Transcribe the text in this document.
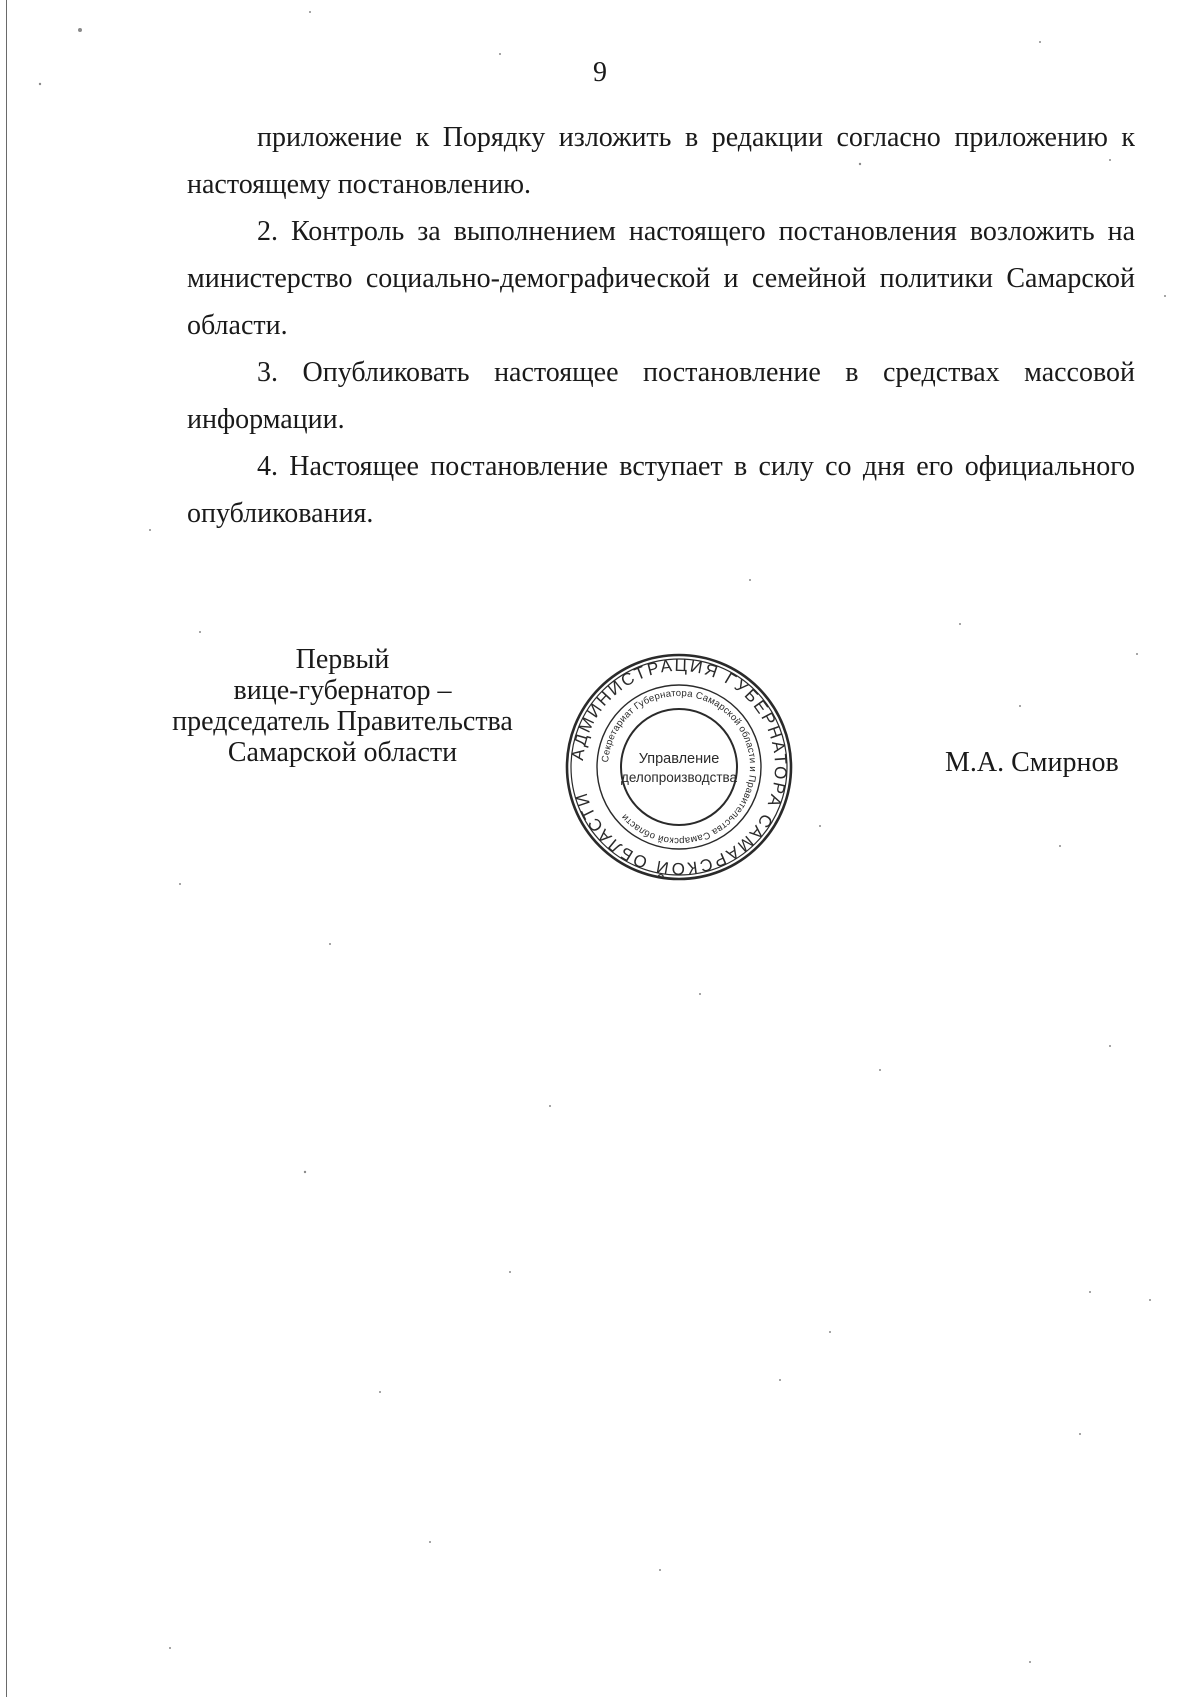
9

приложение к Порядку изложить в редакции согласно приложению к настоящему постановлению.

2. Контроль за выполнением настоящего постановления возложить на министерство социально-демографической и семейной политики Самарской области.

3. Опубликовать настоящее постановление в средствах массовой информации.

4. Настоящее постановление вступает в силу со дня его официального опубликования.

Первый
вице-губернатор –
председатель Правительства
Самарской области	АДМИНИСТРАЦИЯ ГУБЕРНАТОРА САМАРСКОЙ ОБЛАСТИ
Секретариат Губернатора Самарской области и Правительства Самарской области
Управление
делопроизводства	М.А. Смирнов
